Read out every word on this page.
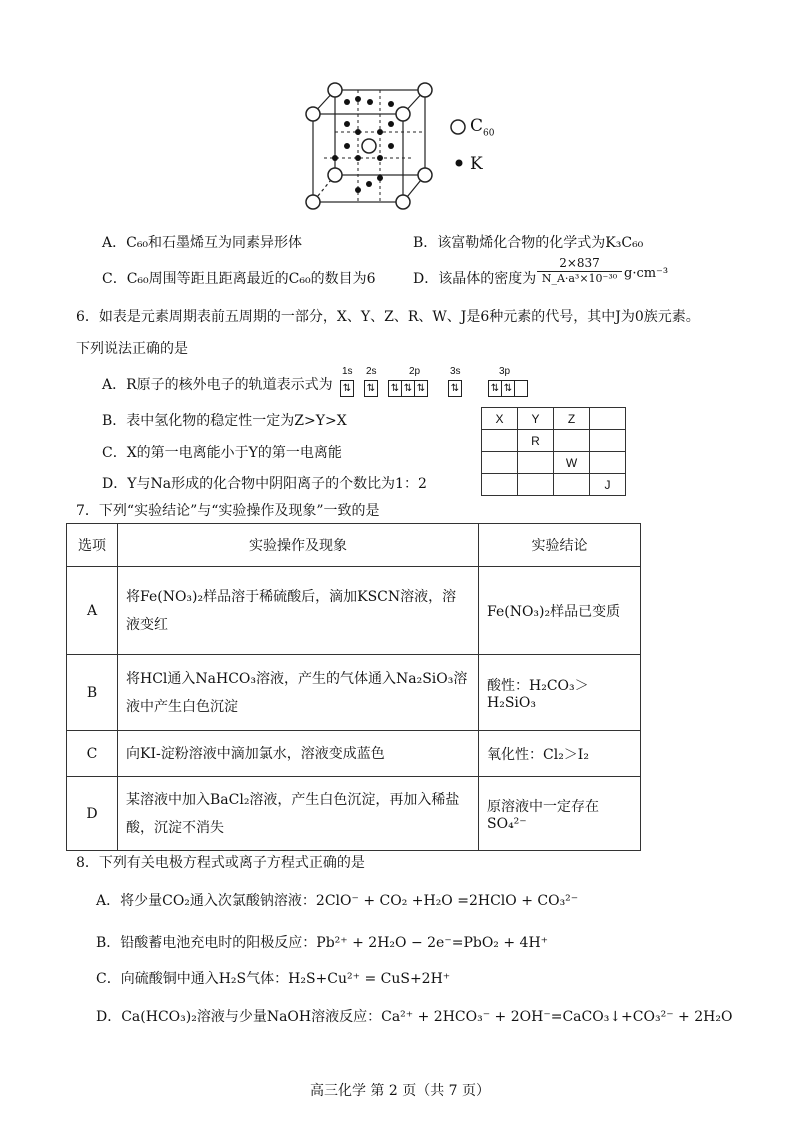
$C_{60}$
K
A．C₆₀和石墨烯互为同素异形体	B．该富勒烯化合物的化学式为K₃C₆₀
C．C₆₀周围等距且距离最近的C₆₀的数目为6	D．该晶体的密度为 $\frac{2\times 837}{\text{N\_A·a³×10⁻³⁰}} g\cdot cm^{-3}$
6．如表是元素周期表前五周期的一部分，X、Y、Z、R、W、J是6种元素的代号，其中J为0族元素。
下列说法正确的是
A．R原子的核外电子的轨道表示式为
1s
⇅
2s
⇅
2p
⇅ ⇅ ⇅
3s
⇅
3p
⇅ ⇅
B．表中氢化物的稳定性一定为Z>Y>X
C．X的第一电离能小于Y的第一电离能
D．Y与Na形成的化合物中阴阳离子的个数比为1：2
X	Y	Z	
	R		
		W	
			J
7．下列“实验结论”与“实验操作及现象”一致的是
选项	实验操作及现象	实验结论
A	将Fe(NO₃)₂样品溶于稀硫酸后，滴加KSCN溶液，溶液变红	Fe(NO₃)₂样品已变质
B	将HCl通入NaHCO₃溶液，产生的气体通入Na₂SiO₃溶液中产生白色沉淀	酸性：H₂CO₃＞H₂SiO₃
C	向KI-淀粉溶液中滴加氯水，溶液变成蓝色	氧化性：Cl₂＞I₂
D	某溶液中加入BaCl₂溶液，产生白色沉淀，再加入稀盐酸，沉淀不消失	原溶液中一定存在SO₄²⁻
8．下列有关电极方程式或离子方程式正确的是
A．将少量CO₂通入次氯酸钠溶液：2ClO⁻ + CO₂ +H₂O =2HClO + CO₃²⁻
B．铅酸蓄电池充电时的阳极反应：Pb²⁺ + 2H₂O − 2e⁻=PbO₂ + 4H⁺
C．向硫酸铜中通入H₂S气体：H₂S+Cu²⁺ = CuS+2H⁺
D．Ca(HCO₃)₂溶液与少量NaOH溶液反应：Ca²⁺ + 2HCO₃⁻ + 2OH⁻=CaCO₃↓+CO₃²⁻ + 2H₂O
高三化学 第 2 页（共 7 页）
